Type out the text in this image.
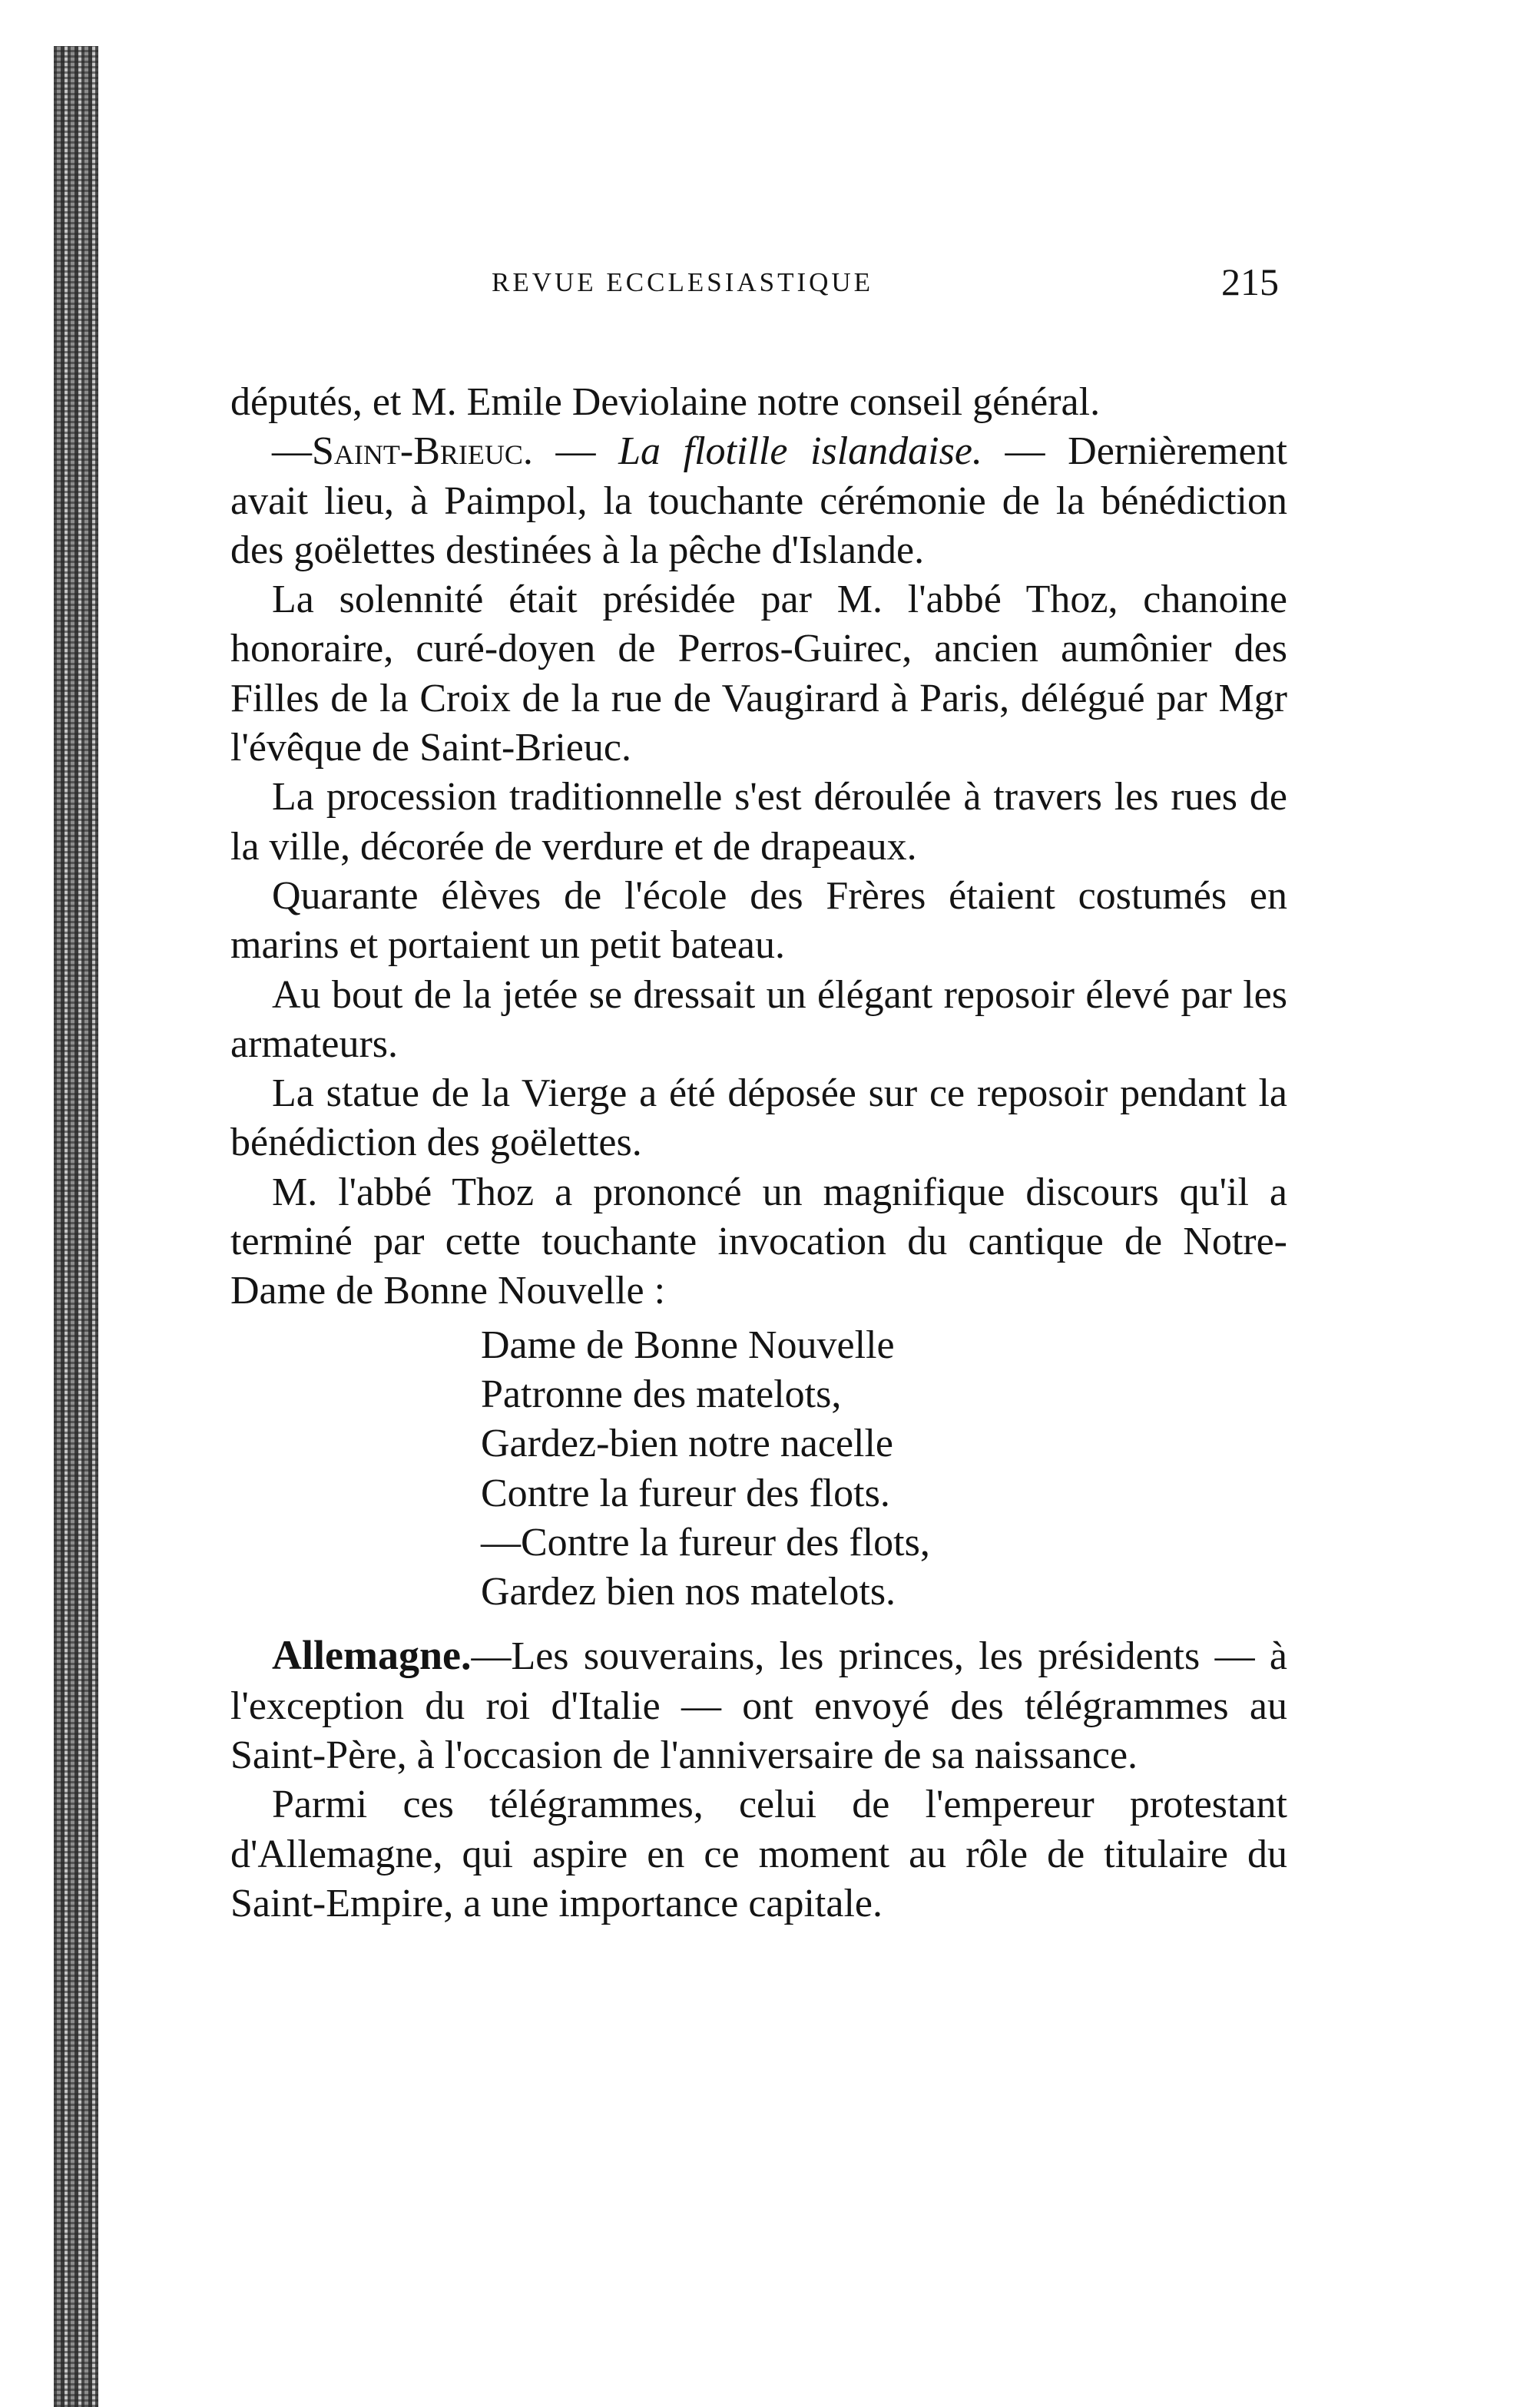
REVUE ECCLESIASTIQUE	215

députés, et M. Emile Deviolaine notre conseil général.

—Saint-Brieuc. — La flotille islandaise. — Dernièrement avait lieu, à Paimpol, la touchante cérémonie de la bénédiction des goëlettes destinées à la pêche d'Islande.

La solennité était présidée par M. l'abbé Thoz, chanoine honoraire, curé-doyen de Perros-Guirec, ancien aumônier des Filles de la Croix de la rue de Vaugirard à Paris, délégué par Mgr l'évêque de Saint-Brieuc.

La procession traditionnelle s'est déroulée à travers les rues de la ville, décorée de verdure et de drapeaux.

Quarante élèves de l'école des Frères étaient costumés en marins et portaient un petit bateau.

Au bout de la jetée se dressait un élégant reposoir élevé par les armateurs.

La statue de la Vierge a été déposée sur ce reposoir pendant la bénédiction des goëlettes.

M. l'abbé Thoz a prononcé un magnifique discours qu'il a terminé par cette touchante invocation du cantique de Notre-Dame de Bonne Nouvelle :

Dame de Bonne Nouvelle
Patronne des matelots,
Gardez-bien notre nacelle
Contre la fureur des flots.
—Contre la fureur des flots,
Gardez bien nos matelots.

Allemagne.—Les souverains, les princes, les présidents — à l'exception du roi d'Italie — ont envoyé des télégrammes au Saint-Père, à l'occasion de l'anniversaire de sa naissance.

Parmi ces télégrammes, celui de l'empereur protestant d'Allemagne, qui aspire en ce moment au rôle de titulaire du Saint-Empire, a une importance capitale.
